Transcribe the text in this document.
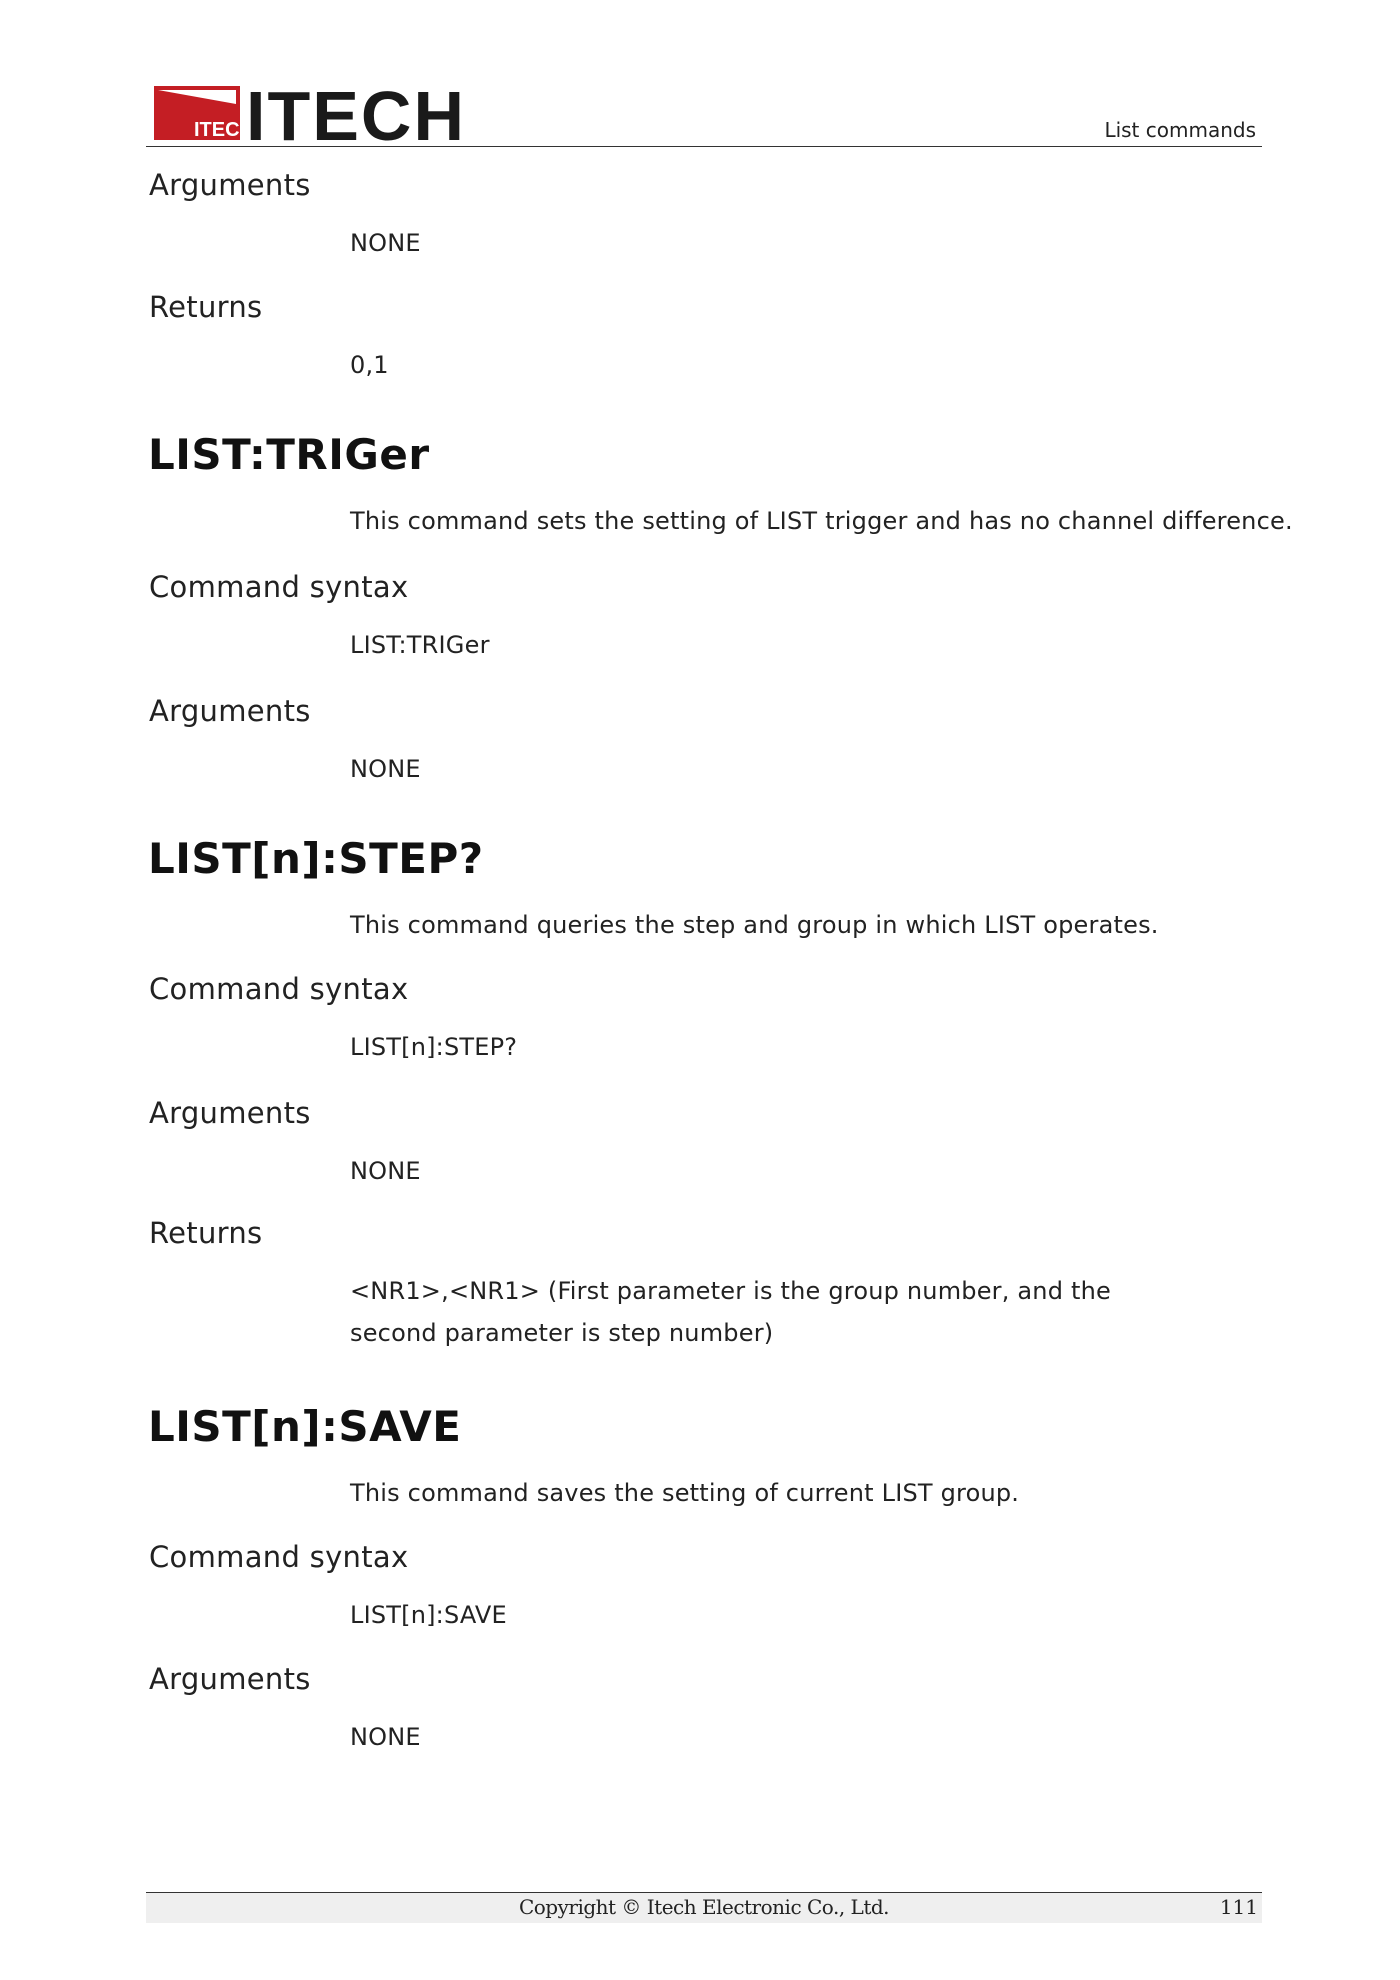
ITECH
ITECH	List commands
Arguments
NONE
Returns
0,1
LIST:TRIGer
This command sets the setting of LIST trigger and has no channel difference.
Command syntax
LIST:TRIGer
Arguments
NONE
LIST[n]:STEP?
This command queries the step and group in which LIST operates.
Command syntax
LIST[n]:STEP?
Arguments
NONE
Returns
<NR1>,<NR1> (First parameter is the group number, and the second parameter is step number)
LIST[n]:SAVE
This command saves the setting of current LIST group.
Command syntax
LIST[n]:SAVE
Arguments
NONE
Copyright © Itech Electronic Co., Ltd.	111
